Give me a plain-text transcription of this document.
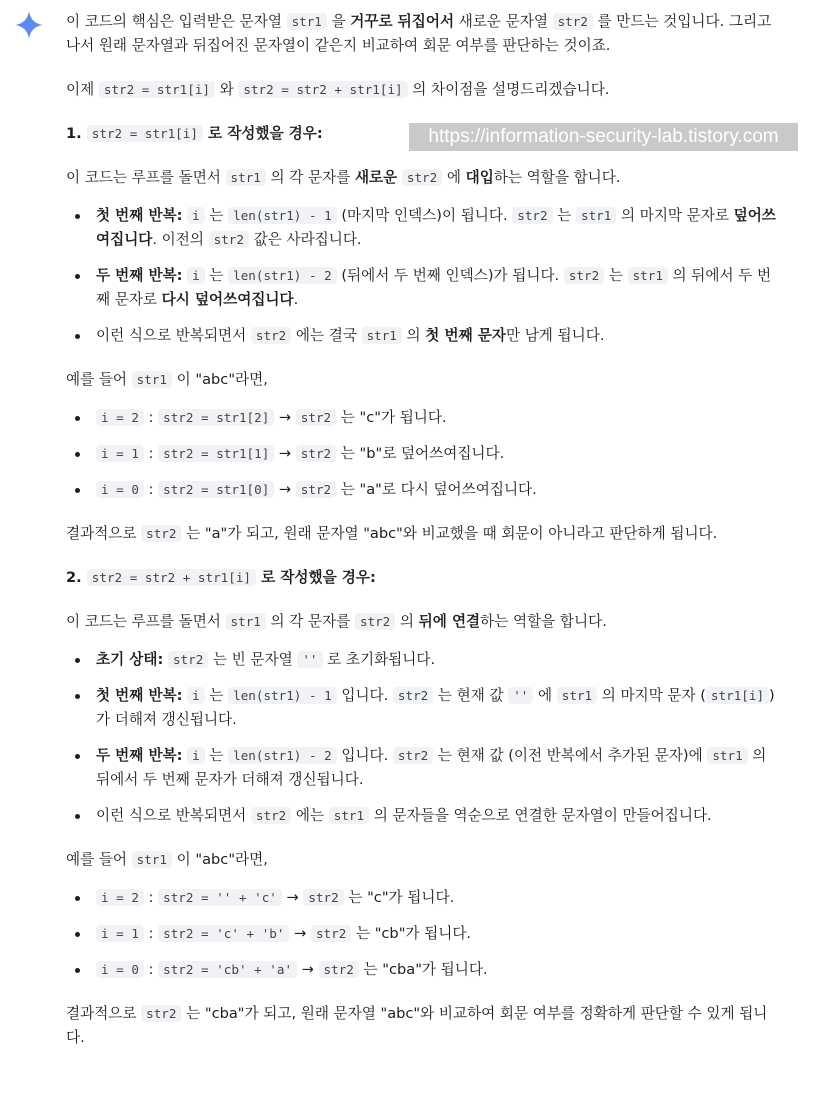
https://information-security-lab.tistory.com

이 코드의 핵심은 입력받은 문자열 str1 을 거꾸로 뒤집어서 새로운 문자열 str2 를 만드는 것입니다. 그리고 나서 원래 문자열과 뒤집어진 문자열이 같은지 비교하여 회문 여부를 판단하는 것이죠.

이제 str2 = str1[i] 와 str2 = str2 + str1[i] 의 차이점을 설명드리겠습니다.

1. str2 = str1[i] 로 작성했을 경우:

이 코드는 루프를 돌면서 str1 의 각 문자를 새로운 str2 에 대입하는 역할을 합니다.

첫 번째 반복: i 는 len(str1) - 1 (마지막 인덱스)이 됩니다. str2 는 str1 의 마지막 문자로 덮어쓰여집니다. 이전의 str2 값은 사라집니다.
두 번째 반복: i 는 len(str1) - 2 (뒤에서 두 번째 인덱스)가 됩니다. str2 는 str1 의 뒤에서 두 번째 문자로 다시 덮어쓰여집니다.
이런 식으로 반복되면서 str2 에는 결국 str1 의 첫 번째 문자만 남게 됩니다.

예를 들어 str1 이 "abc"라면,

i = 2 : str2 = str1[2] → str2 는 "c"가 됩니다.
i = 1 : str2 = str1[1] → str2 는 "b"로 덮어쓰여집니다.
i = 0 : str2 = str1[0] → str2 는 "a"로 다시 덮어쓰여집니다.

결과적으로 str2 는 "a"가 되고, 원래 문자열 "abc"와 비교했을 때 회문이 아니라고 판단하게 됩니다.

2. str2 = str2 + str1[i] 로 작성했을 경우:

이 코드는 루프를 돌면서 str1 의 각 문자를 str2 의 뒤에 연결하는 역할을 합니다.

초기 상태: str2 는 빈 문자열 '' 로 초기화됩니다.
첫 번째 반복: i 는 len(str1) - 1 입니다. str2 는 현재 값 '' 에 str1 의 마지막 문자 ( str1[i] )가 더해져 갱신됩니다.
두 번째 반복: i 는 len(str1) - 2 입니다. str2 는 현재 값 (이전 반복에서 추가된 문자)에 str1 의 뒤에서 두 번째 문자가 더해져 갱신됩니다.
이런 식으로 반복되면서 str2 에는 str1 의 문자들을 역순으로 연결한 문자열이 만들어집니다.

예를 들어 str1 이 "abc"라면,

i = 2 : str2 = '' + 'c' → str2 는 "c"가 됩니다.
i = 1 : str2 = 'c' + 'b' → str2 는 "cb"가 됩니다.
i = 0 : str2 = 'cb' + 'a' → str2 는 "cba"가 됩니다.

결과적으로 str2 는 "cba"가 되고, 원래 문자열 "abc"와 비교하여 회문 여부를 정확하게 판단할 수 있게 됩니다.
